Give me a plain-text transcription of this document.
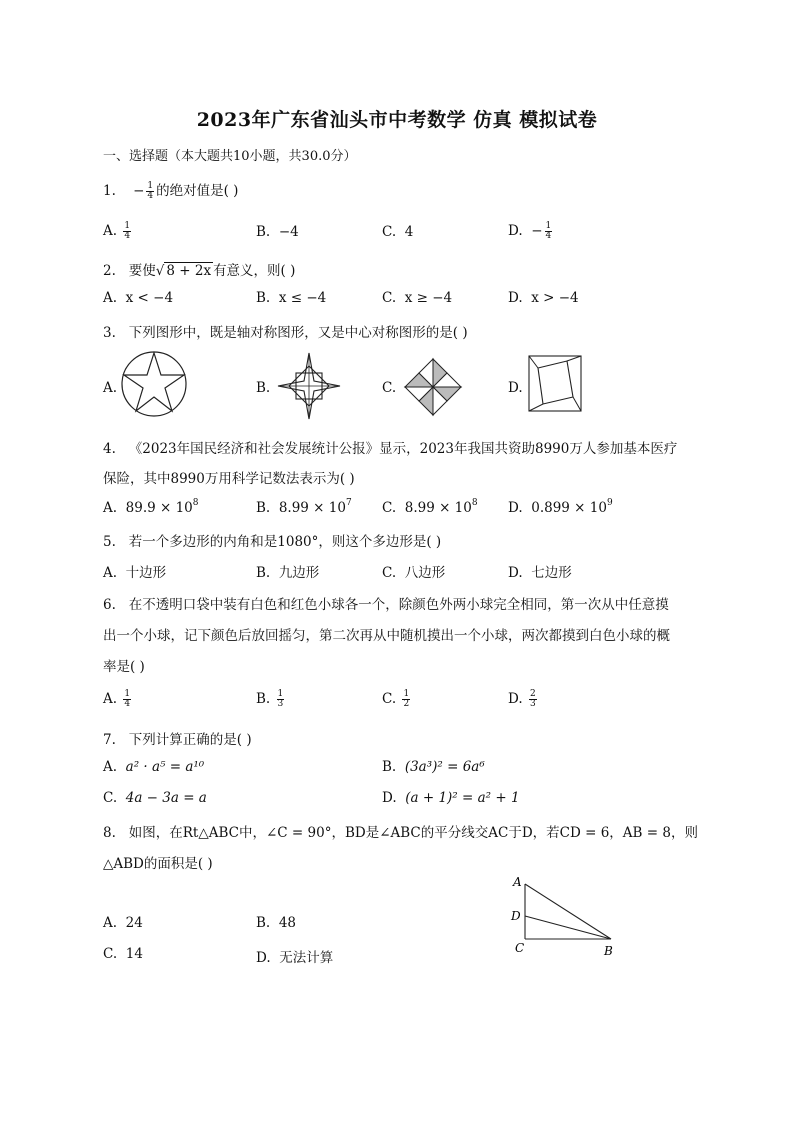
2023年广东省汕头市中考数学 仿真 模拟试卷
一、选择题（本大题共10小题，共30.0分）
1. − $\frac{1}{4}$ 的绝对值是( )
A. $\frac{1}{4}$	B. −4	C. 4	D. − $\frac{1}{4}$
2. 要使√ 8 + 2x 有意义，则( )
A. x < −4	B. x ≤ −4	C. x ≥ −4	D. x > −4
3. 下列图形中，既是轴对称图形，又是中心对称图形的是( )
A.	B.	C.	D.
4. 《2023年国民经济和社会发展统计公报》显示，2023年我国共资助8990万人参加基本医疗
保险，其中8990万用科学记数法表示为( )
A. $89.9 \times 10^8$	B. $8.99 \times 10^7$ C. $8.99 \times 10^8$ D. $0.899 \times 10^9$
5. 若一个多边形的内角和是1080°，则这个多边形是( )
A. 十边形	B. 九边形	C. 八边形	D. 七边形
6. 在不透明口袋中装有白色和红色小球各一个，除颜色外两小球完全相同，第一次从中任意摸
出一个小球，记下颜色后放回摇匀，第二次再从中随机摸出一个小球，两次都摸到白色小球的概
率是( )
A. $\frac{1}{4}$	B. $\frac{1}{3}$	C. $\frac{1}{2}$	D. $\frac{2}{3}$
7. 下列计算正确的是( )
A. a² · a⁵ = a¹⁰	B. (3a³)² = 6a⁶
C. 4a − 3a = a	D. (a + 1)² = a² + 1
8. 如图，在Rt△ABC中，∠C = 90°，BD是∠ABC的平分线交AC于D，若CD = 6，AB = 8，则
△ABD的面积是( )
A. 24	B. 48
C. 14	D. 无法计算
A
D
C	B
